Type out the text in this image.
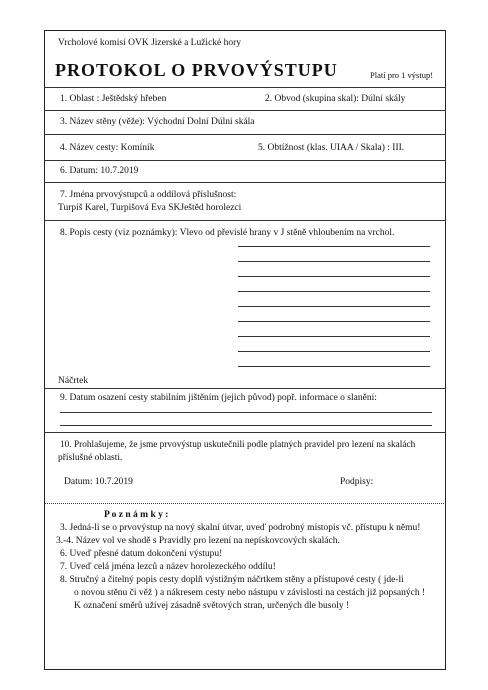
Vrcholové komisí OVK Jizerské a Lužické hory
PROTOKOL O PRVOVÝSTUPU	Platí pro 1 výstup!
1. Oblast : Ještědský hřeben	2. Obvod (skupina skal): Dúlní skály
3. Název stěny (věže): Východní Dolní Dúlní skála
4. Název cesty: Komíník	5. Obtížnost (klas. UIAA / Skala) : III.
6. Datum: 10.7.2019
7. Jména prvovýstupců a oddílová příslušnost:
Turpiš Karel, Turpišová Eva SKJeštěd horolezci
8. Popis cesty (viz poznámky): Vlevo od převislé hrany v J stěně vhloubením na vrchol.
Náčrtek
9. Datum osazení cesty stabilním jištěním (jejich původ) popř. informace o slanění:
10. Prohlašujeme, že jsme prvovýstup uskutečnili podle platných pravidel pro lezení na skalách
příslušné oblasti.
Datum: 10.7.2019	Podpisy:
P o z n á m k y :
3. Jedná-li se o prvovýstup na nový skalní útvar, uveď podrobný místopis vč. přístupu k němu!
3.-4. Název vol ve shodě s Pravidly pro lezení na nepískovcových skalách.
6. Uveď přesné datum dokončení výstupu!
7. Uveď celá jména lezců a název horolezeckého oddílu!
8. Stručný a čitelný popis cesty doplň výstižným náčrtkem stěny a přístupové cesty ( jde-li
o novou stěnu či věž ) a nákresem cesty nebo nástupu v závislosti na cestách již popsaných !
K označení směrů užívej zásadně světových stran, určených dle busoly !
